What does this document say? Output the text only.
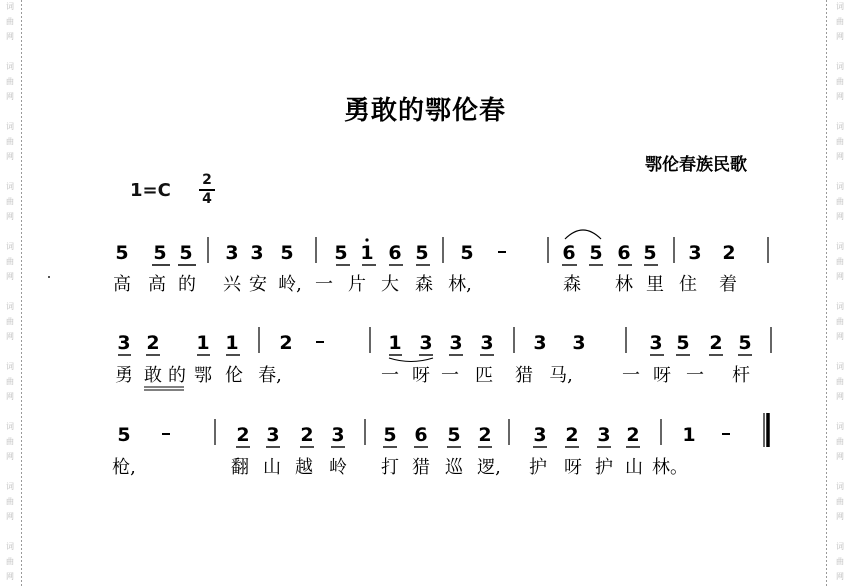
词
曲
网
词
曲
网
词
曲
网
词
曲
网
词
曲
网
词
曲
网
词
曲
网
词
曲
网
词
曲
网
词
曲
网
词
曲
网
词
曲
网
词
曲
网
词
曲
网
词
曲
网
词
曲
网
词
曲
网
词
曲
网
词
曲
网
词
曲
网
勇敢的鄂伦春
鄂伦春族民歌
1=C 2
4
5 5 5 3 3 5 5 1 6 5 5	6 5 6 5 3 2
高 高 的 兴 安 岭, 一 片 大 森 林,	森 林 里 住 着
3 2 1 1 2	1 3 3 3 3 3	3 5 2 5
勇 敢 的 鄂 伦 春,	一 呀 一 匹 猎 马,	一 呀 一 杆
5	2 3 2 3 5 6 5 2 3 2 3 2 1
枪,	翻 山 越 岭 打 猎 巡 逻, 护 呀 护 山 林。
